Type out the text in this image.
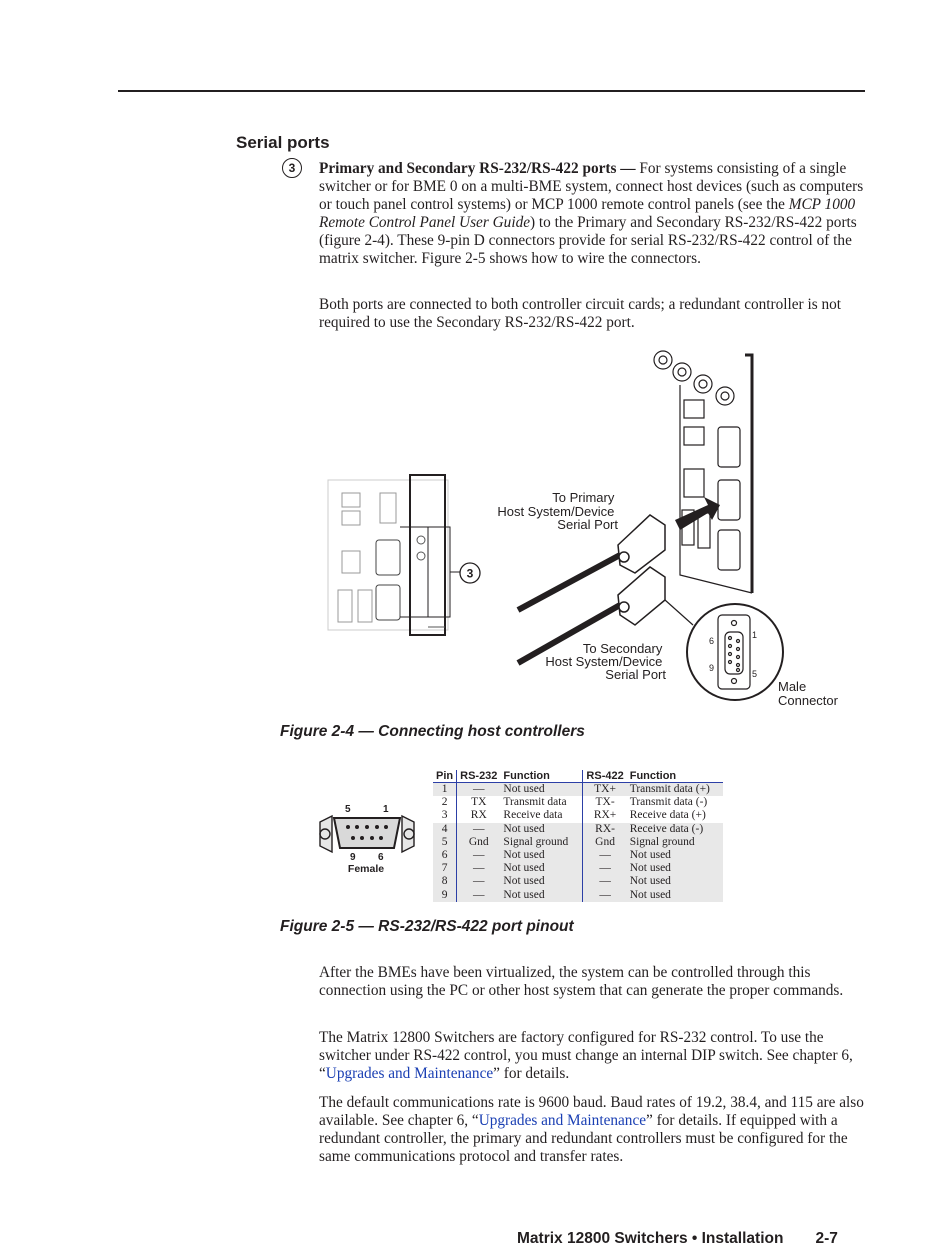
Serial ports
3	Primary and Secondary RS-232/RS-422 ports — For systems consisting of a single switcher or for BME 0 on a multi-BME system, connect host devices (such as computers or touch panel control systems) or MCP 1000 remote control panels (see the MCP 1000 Remote Control Panel User Guide) to the Primary and Secondary RS-232/RS-422 ports (figure 2-4). These 9-pin D connectors provide for serial RS-232/RS-422 control of the matrix switcher. Figure 2-5 shows how to wire the connectors.
Both ports are connected to both controller circuit cards; a redundant controller is not required to use the Secondary RS-232/RS-422 port.
3
To Primary Host System/Device Serial Port
To Secondary Host System/Device Serial Port
6 1 9 5
Male Connector
Figure 2-4 — Connecting host controllers
5	1 9 6
Female
Pin	RS-232	Function	RS-422	Function
1	—	Not used	TX+	Transmit data (+)
2	TX	Transmit data	TX-	Transmit data (-)
3	RX	Receive data	RX+	Receive data (+)
4	—	Not used	RX-	Receive data (-)
5	Gnd	Signal ground	Gnd	Signal ground
6	—	Not used	—	Not used
7	—	Not used	—	Not used
8	—	Not used	—	Not used
9	—	Not used	—	Not used
Figure 2-5 — RS-232/RS-422 port pinout
After the BMEs have been virtualized, the system can be controlled through this connection using the PC or other host system that can generate the proper commands.
The Matrix 12800 Switchers are factory configured for RS-232 control. To use the switcher under RS-422 control, you must change an internal DIP switch. See chapter 6, “Upgrades and Maintenance” for details.
The default communications rate is 9600 baud. Baud rates of 19.2, 38.4, and 115 are also available. See chapter 6, “Upgrades and Maintenance” for details. If equipped with a redundant controller, the primary and redundant controllers must be configured for the same communications protocol and transfer rates.
Matrix 12800 Switchers • Installation 2-7
